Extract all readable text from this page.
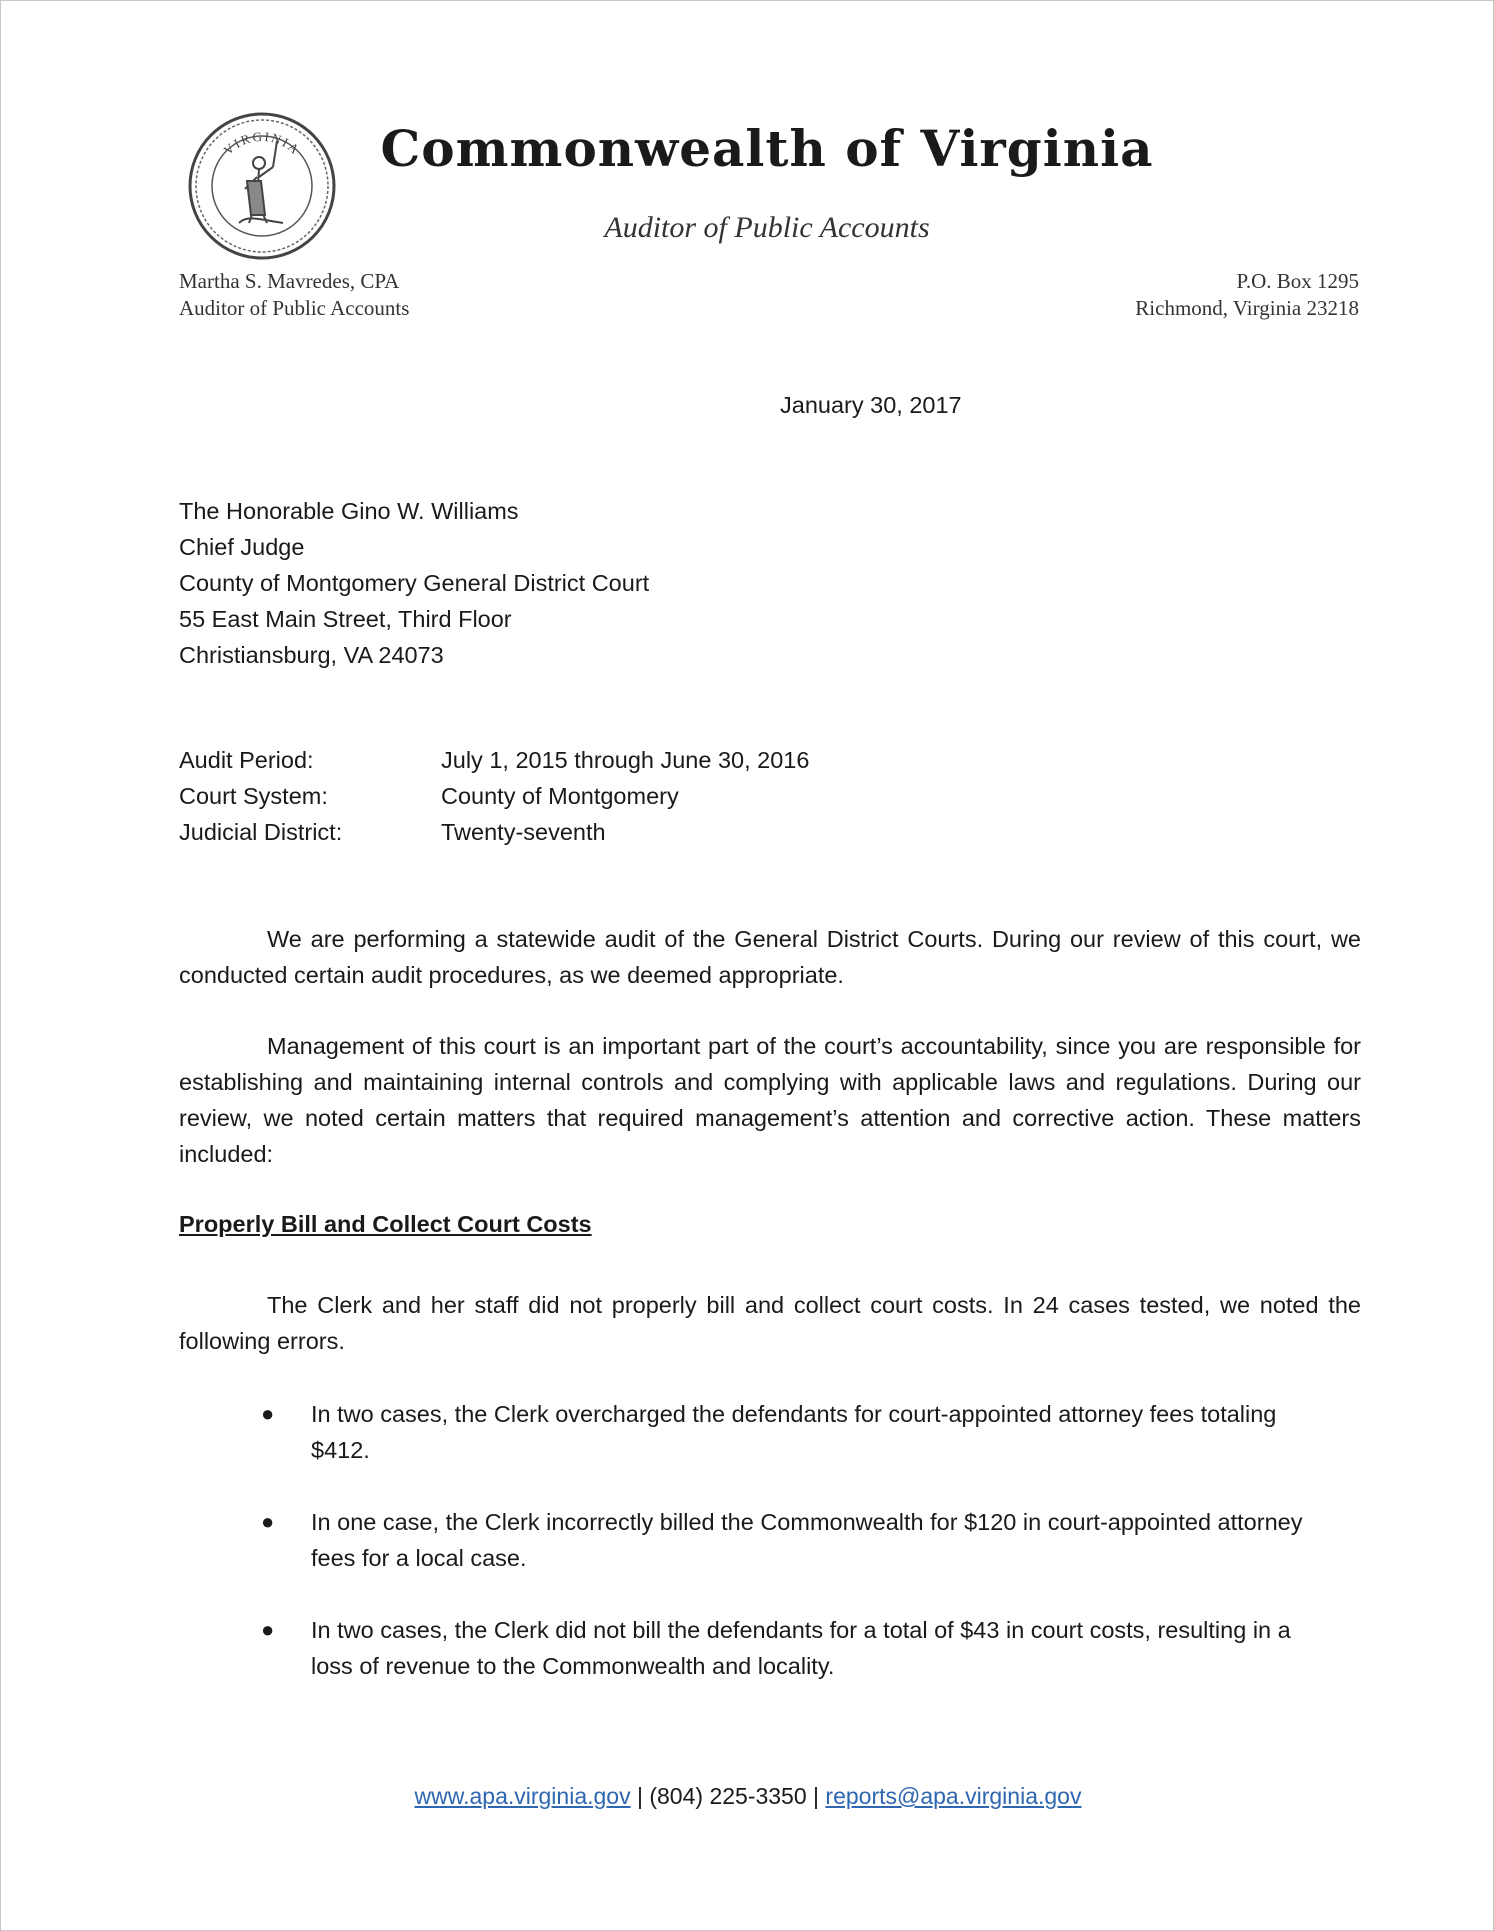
VIRGINIA	Commonwealth of Virginia
Auditor of Public Accounts
Martha S. Mavredes, CPA
Auditor of Public Accounts
P.O. Box 1295
Richmond, Virginia 23218
January 30, 2017
The Honorable Gino W. Williams
Chief Judge
County of Montgomery General District Court
55 East Main Street, Third Floor
Christiansburg, VA 24073
Audit Period:	July 1, 2015 through June 30, 2016
Court System:	County of Montgomery
Judicial District:	Twenty-seventh
We are performing a statewide audit of the General District Courts. During our review of this court, we conducted certain audit procedures, as we deemed appropriate.
Management of this court is an important part of the court’s accountability, since you are responsible for establishing and maintaining internal controls and complying with applicable laws and regulations. During our review, we noted certain matters that required management’s attention and corrective action. These matters included:
Properly Bill and Collect Court Costs
The Clerk and her staff did not properly bill and collect court costs. In 24 cases tested, we noted the following errors.
●	In two cases, the Clerk overcharged the defendants for court-appointed attorney fees totaling $412.
●	In one case, the Clerk incorrectly billed the Commonwealth for $120 in court-appointed attorney fees for a local case.
●	In two cases, the Clerk did not bill the defendants for a total of $43 in court costs, resulting in a loss of revenue to the Commonwealth and locality.
www.apa.virginia.gov | (804) 225-3350 | reports@apa.virginia.gov
